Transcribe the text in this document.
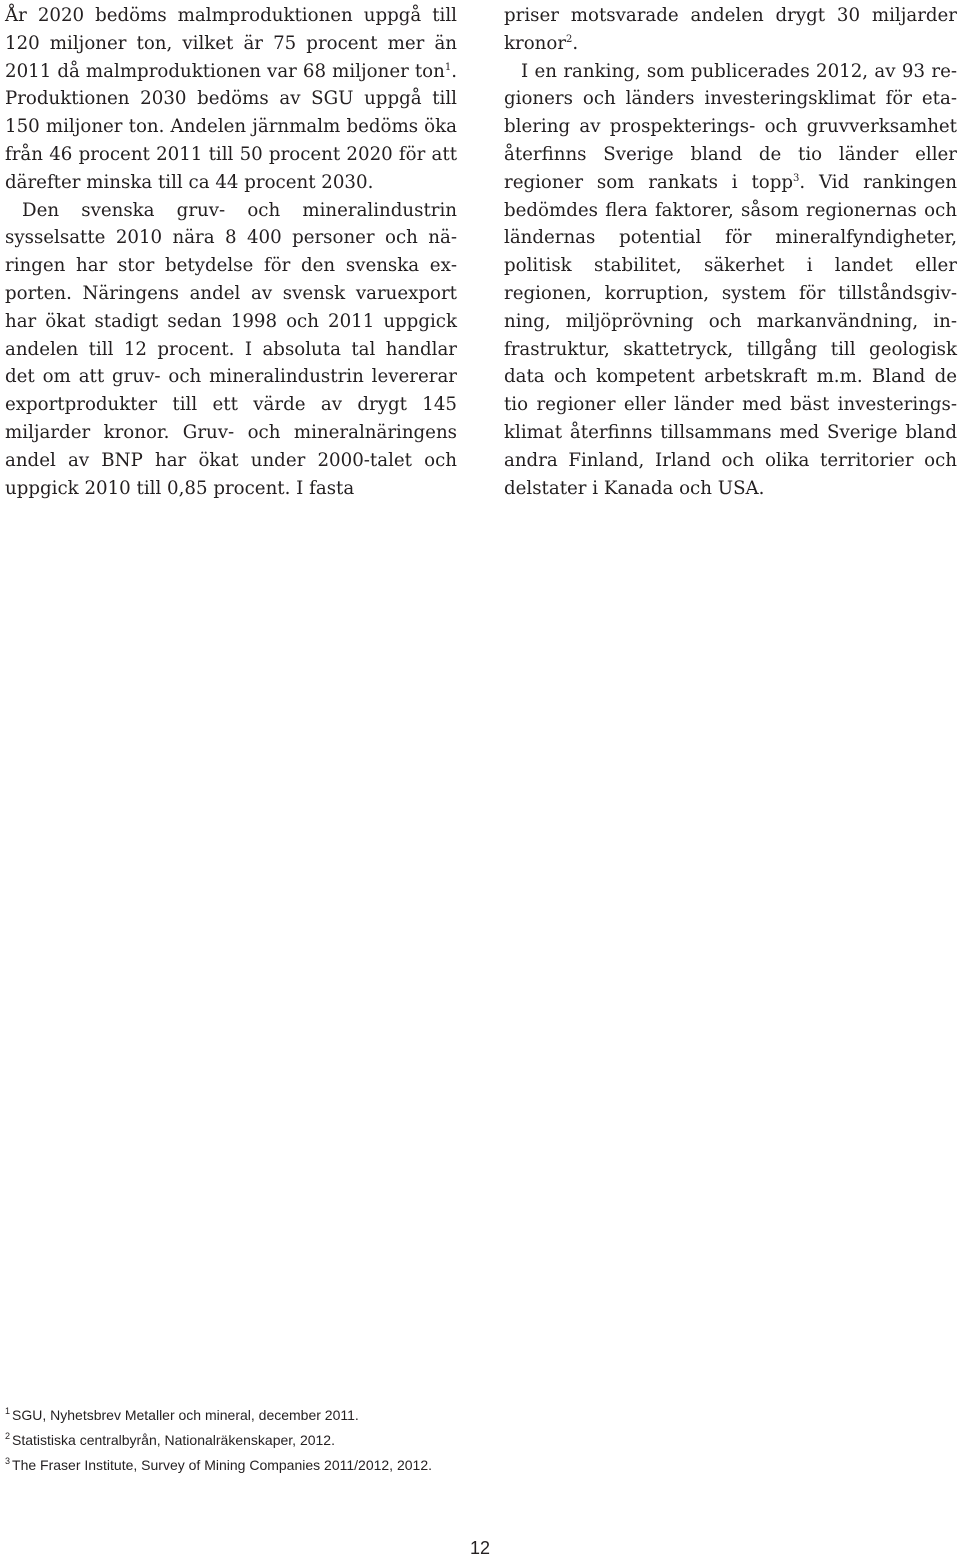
År 2020 bedöms malmproduktionen uppgå till 120 miljoner ton, vilket är 75 procent mer än 2011 då malmproduktionen var 68 miljoner ton$^1$. Produktionen 2030 bedöms av SGU uppgå till 150 miljoner ton. Andelen järnmalm bedöms öka från 46 procent 2011 till 50 procent 2020 för att därefter minska till ca 44 procent 2030.

Den svenska gruv- och mineralindustrin sysselsatte 2010 nära 8 400 personer och näringen har stor betydelse för den svenska exporten. Näringens andel av svensk varuexport har ökat stadigt sedan 1998 och 2011 uppgick andelen till 12 procent. I absoluta tal handlar det om att gruv- och mineralindustrin levererar exportprodukter till ett värde av drygt 145 miljarder kronor. Gruv- och mineralnäringens andel av BNP har ökat under 2000-talet och uppgick 2010 till 0,85 procent. I fasta

priser motsvarade andelen drygt 30 miljarder kronor$^2$.

I en ranking, som publicerades 2012, av 93 regioners och länders investeringsklimat för etablering av prospekterings- och gruvverksamhet återfinns Sverige bland de tio länder eller regioner som rankats i topp$^3$. Vid rankingen bedömdes flera faktorer, såsom regionernas och ländernas potential för mineralfyndigheter, politisk stabilitet, säkerhet i landet eller regionen, korruption, system för tillståndsgivning, miljöprövning och markanvändning, infrastruktur, skattetryck, tillgång till geologisk data och kompetent arbetskraft m.m. Bland de tio regioner eller länder med bäst investeringsklimat återfinns tillsammans med Sverige bland andra Finland, Irland och olika territorier och delstater i Kanada och USA.

$^1$ SGU, Nyhetsbrev Metaller och mineral, december 2011.

$^2$ Statistiska centralbyrån, Nationalräkenskaper, 2012.

$^3$ The Fraser Institute, Survey of Mining Companies 2011/2012, 2012.

12
